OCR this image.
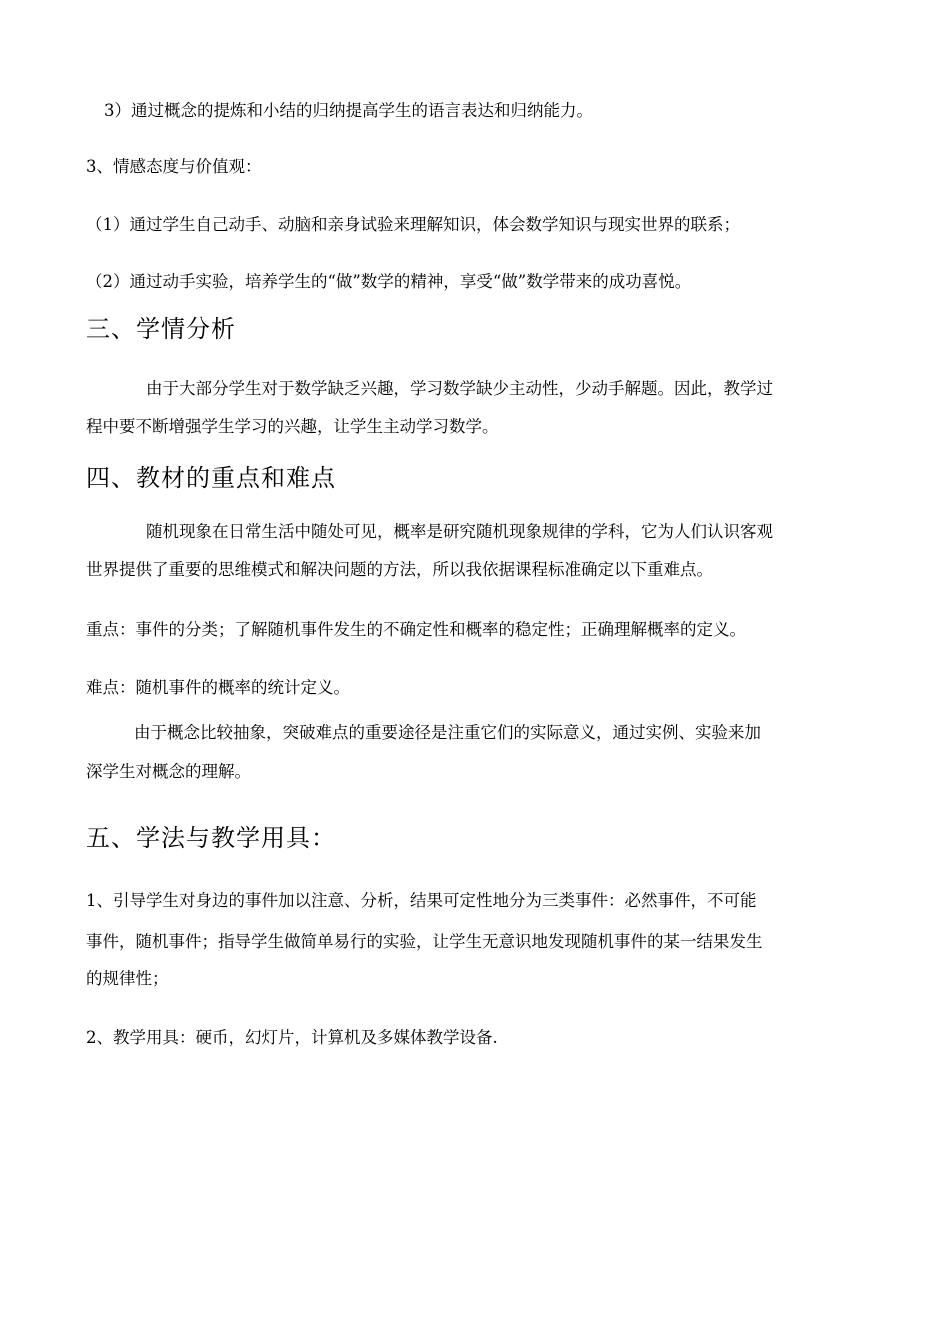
3）通过概念的提炼和小结的归纳提高学生的语言表达和归纳能力。
3、情感态度与价值观：
（1）通过学生自己动手、动脑和亲身试验来理解知识，体会数学知识与现实世界的联系；
（2）通过动手实验，培养学生的“做”数学的精神，享受“做”数学带来的成功喜悦。
三、学情分析
由于大部分学生对于数学缺乏兴趣，学习数学缺少主动性，少动手解题。因此，教学过
程中要不断增强学生学习的兴趣，让学生主动学习数学。
四、教材的重点和难点
随机现象在日常生活中随处可见，概率是研究随机现象规律的学科，它为人们认识客观
世界提供了重要的思维模式和解决问题的方法，所以我依据课程标准确定以下重难点。
重点：事件的分类；了解随机事件发生的不确定性和概率的稳定性；正确理解概率的定义。
难点：随机事件的概率的统计定义。
由于概念比较抽象，突破难点的重要途径是注重它们的实际意义，通过实例、实验来加
深学生对概念的理解。
五、学法与教学用具：
1、引导学生对身边的事件加以注意、分析，结果可定性地分为三类事件：必然事件，不可能
事件，随机事件；指导学生做简单易行的实验，让学生无意识地发现随机事件的某一结果发生
的规律性；
2、教学用具：硬币，幻灯片，计算机及多媒体教学设备.
